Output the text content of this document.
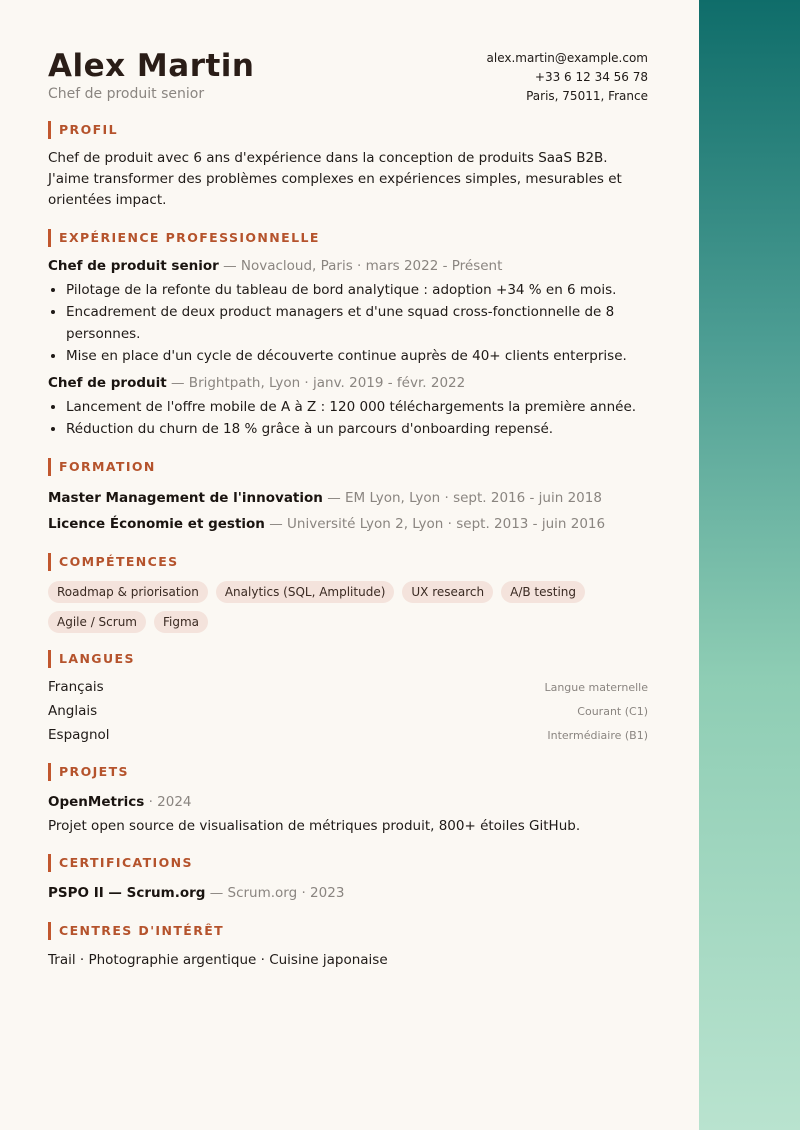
Alex Martin
Chef de produit senior
alex.martin@example.com
+33 6 12 34 56 78
Paris, 75011, France
PROFIL

Chef de produit avec 6 ans d'expérience dans la conception de produits SaaS B2B. J'aime transformer des problèmes complexes en expériences simples, mesurables et orientées impact.

EXPÉRIENCE PROFESSIONNELLE
Chef de produit senior — Novacloud, Paris · mars 2022 - Présent
• Pilotage de la refonte du tableau de bord analytique : adoption +34 % en 6 mois.
• Encadrement de deux product managers et d'une squad cross-fonctionnelle de 8 personnes.
• Mise en place d'un cycle de découverte continue auprès de 40+ clients enterprise.
Chef de produit — Brightpath, Lyon · janv. 2019 - févr. 2022
• Lancement de l'offre mobile de A à Z : 120 000 téléchargements la première année.
• Réduction du churn de 18 % grâce à un parcours d'onboarding repensé.
FORMATION
Master Management de l'innovation — EM Lyon, Lyon · sept. 2016 - juin 2018
Licence Économie et gestion — Université Lyon 2, Lyon · sept. 2013 - juin 2016
COMPÉTENCES
Roadmap & priorisation	Analytics (SQL, Amplitude)	UX research	A/B testing
Agile / Scrum	Figma
LANGUES
Français	Langue maternelle
Anglais	Courant (C1)
Espagnol	Intermédiaire (B1)
PROJETS
OpenMetrics · 2024

Projet open source de visualisation de métriques produit, 800+ étoiles GitHub.

CERTIFICATIONS
PSPO II — Scrum.org — Scrum.org · 2023
CENTRES D'INTÉRÊT

Trail · Photographie argentique · Cuisine japonaise
